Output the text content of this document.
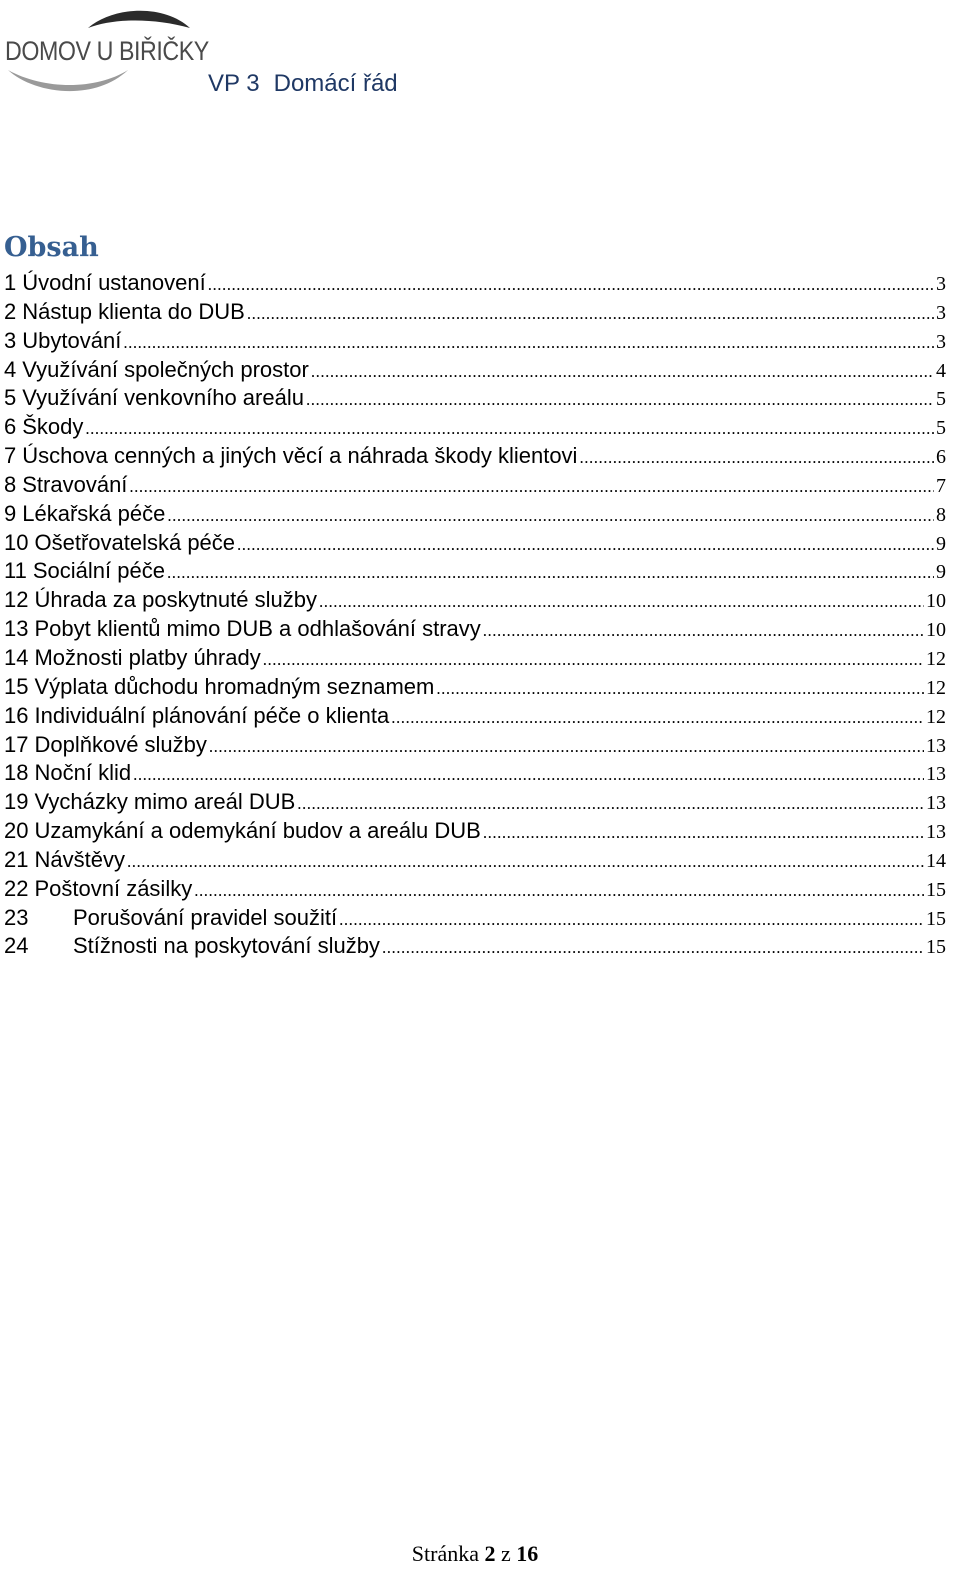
DOMOV U BIŘIČKY
VP 3 Domácí řád
Obsah
1 Úvodní ustanovení .....	3
2 Nástup klienta do DUB .....	3
3 Ubytování .....	3
4 Využívání společných prostor .....	4
5 Využívání venkovního areálu .....	5
6 Škody .....	5
7 Úschova cenných a jiných věcí a náhrada škody klientovi .....	6
8 Stravování .....	7
9 Lékařská péče .....	8
10 Ošetřovatelská péče .....	9
11 Sociální péče .....	9
12 Úhrada za poskytnuté služby .....	10
13 Pobyt klientů mimo DUB a odhlašování stravy .....	10
14 Možnosti platby úhrady .....	12
15 Výplata důchodu hromadným seznamem .....	12
16 Individuální plánování péče o klienta .....	12
17 Doplňkové služby .....	13
18 Noční klid .....	13
19 Vycházky mimo areál DUB .....	13
20 Uzamykání a odemykání budov a areálu DUB .....	13
21 Návštěvy .....	14
22 Poštovní zásilky .....	15
23	Porušování pravidel soužití .....	15
24	Stížnosti na poskytování služby .....	15
Stránka 2 z 16
